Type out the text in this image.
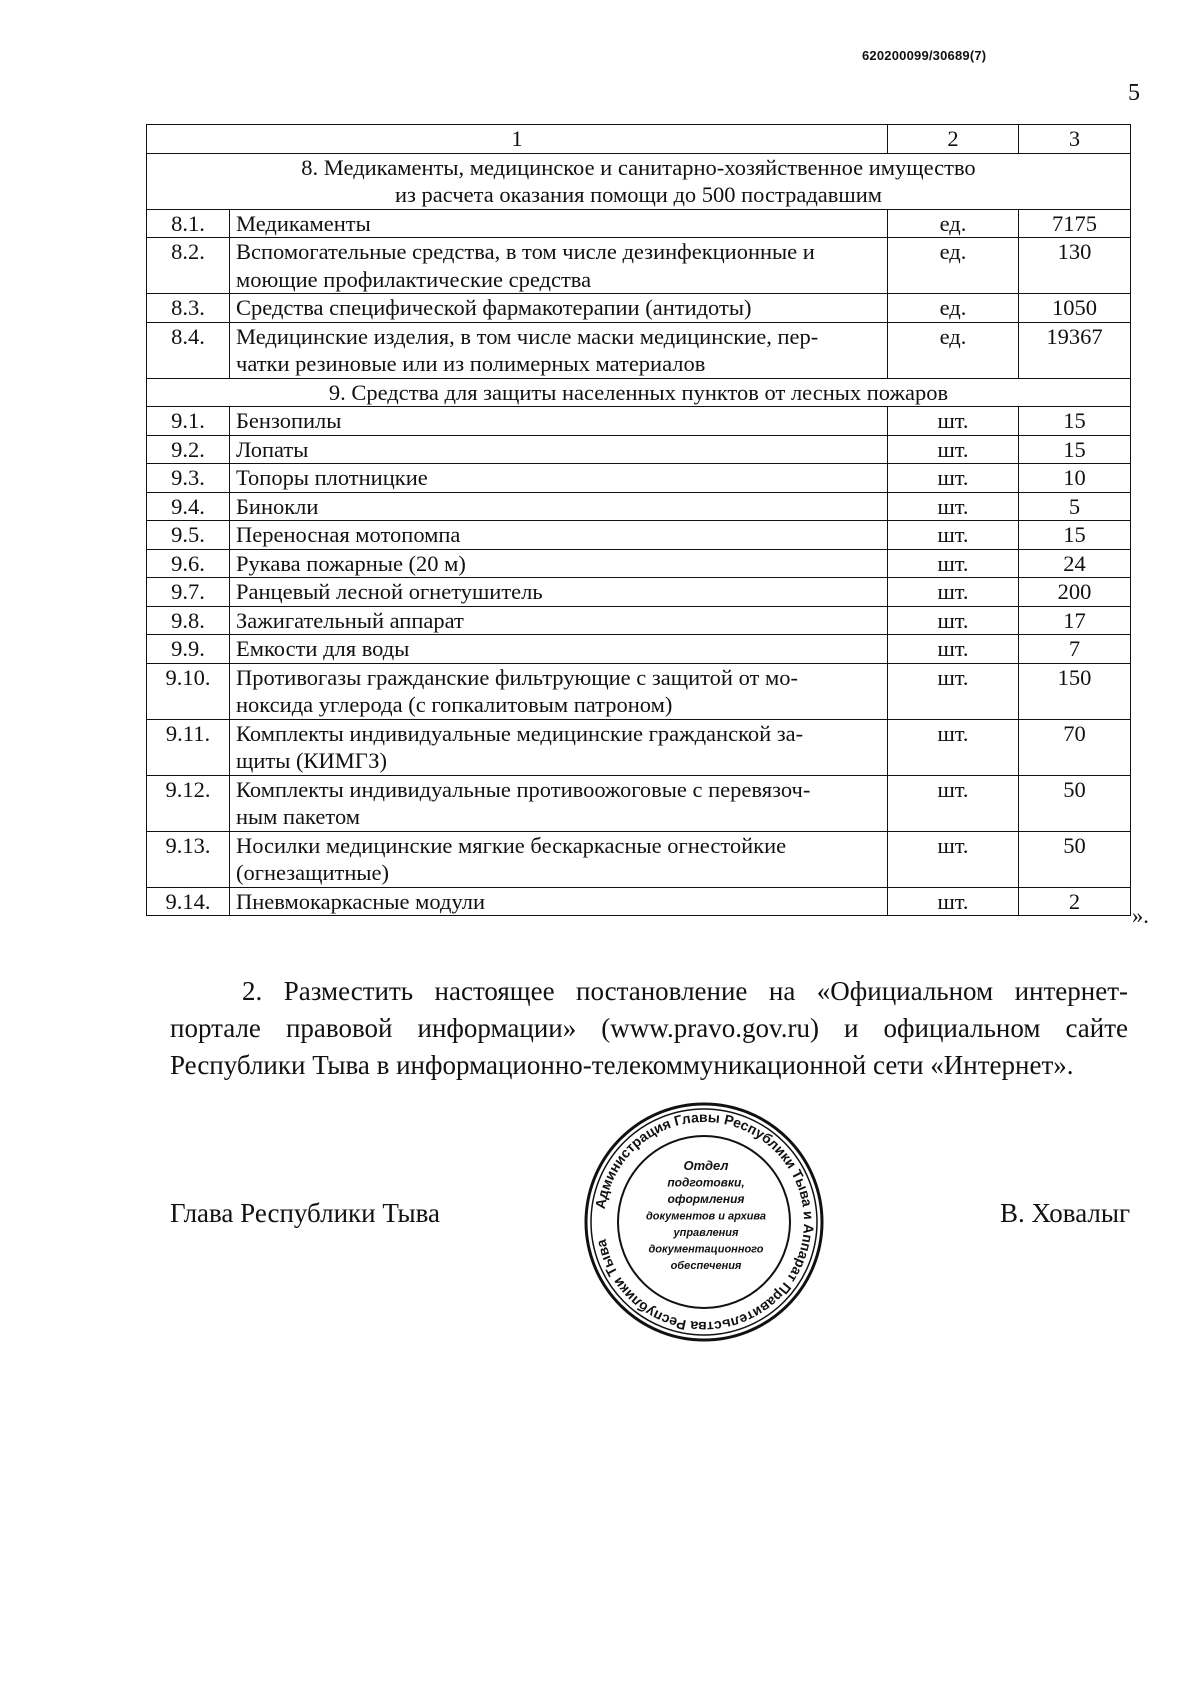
620200099/30689(7)
5
1		2	3

8. Медикаменты, медицинское и санитарно-хозяйственное имущество
из расчета оказания помощи до 500 пострадавшим			

8.1.	Медикаменты	ед.	7175
8.2.	Вспомогательные средства, в том числе дезинфекционные и
моющие профилактические средства	ед.	130
8.3.	Средства специфической фармакотерапии (антидоты)	ед.	1050
8.4.	Медицинские изделия, в том числе маски медицинские, пер-
чатки резиновые или из полимерных материалов	ед.	19367

9. Средства для защиты населенных пунктов от лесных пожаров			

9.1.	Бензопилы	шт.	15
9.2.	Лопаты	шт.	15
9.3.	Топоры плотницкие	шт.	10
9.4.	Бинокли	шт.	5
9.5.	Переносная мотопомпа	шт.	15
9.6.	Рукава пожарные (20 м)	шт.	24
9.7.	Ранцевый лесной огнетушитель	шт.	200
9.8.	Зажигательный аппарат	шт.	17
9.9.	Емкости для воды	шт.	7
9.10.	Противогазы гражданские фильтрующие с защитой от мо-
ноксида углерода (с гопкалитовым патроном)	шт.	150
9.11.	Комплекты индивидуальные медицинские гражданской за-
щиты (КИМГЗ)	шт.	70
9.12.	Комплекты индивидуальные противоожоговые с перевязоч-
ным пакетом	шт.	50
9.13.	Носилки медицинские мягкие бескаркасные огнестойкие
(огнезащитные)	шт.	50
9.14.	Пневмокаркасные модули	шт.	2
».

2. Разместить настоящее постановление на «Официальном интернет-портале правовой информации» (www.pravo.gov.ru) и официальном сайте Республики Тыва в информационно-телекоммуникационной сети «Интернет».

Глава Республики Тыва	В. Ховалыг
Администрация Главы Республики Тыва и Аппарат Правительства Республики Тыва
Отдел
подготовки,
оформления
документов и архива
управления
документационного
обеспечения
